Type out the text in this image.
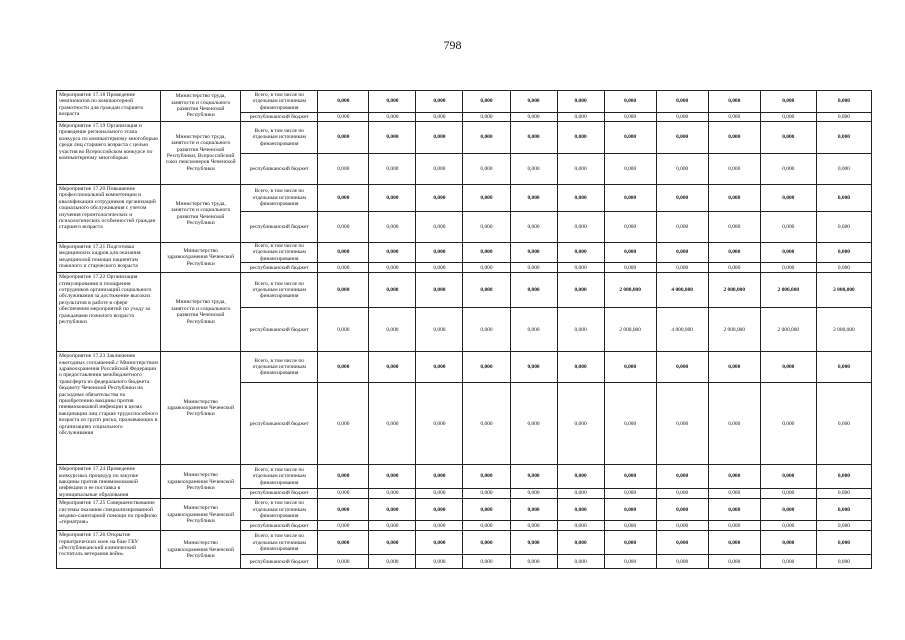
798
Мероприятие 17.18 Проведение чемпионатов по компьютерной грамотности для граждан старшего возраста	Министерство труда, занятости и социального развития Чеченской Республики	Всего, в том числе по отдельным источникам финансирования	0,000	0,000	0,000	0,000	0,000	0,000	0,000	0,000	0,000	0,000	0,000
		республиканский бюджет	0,000	0,000	0,000	0,000	0,000	0,000	0,000	0,000	0,000	0,000	0,000
Мероприятие 17.19 Организация и проведение регионального этапа конкурса по компьютерному многоборью среди лиц старшего возраста с целью участия во Всероссийском конкурсе по компьютерному многоборью	Министерство труда, занятости и социального развития Чеченской Республики, Всероссийский союз пенсионеров Чеченской Республики	Всего, в том числе по отдельным источникам финансирования	0,000	0,000	0,000	0,000	0,000	0,000	0,000	0,000	0,000	0,000	0,000
		республиканский бюджет	0,000	0,000	0,000	0,000	0,000	0,000	0,000	0,000	0,000	0,000	0,000
Мероприятие 17.20 Повышение профессиональной компетенции и квалификации сотрудников организаций социального обслуживания с учетом изучения геронтологических и психологических особенностей граждан старшего возраста	Министерство труда, занятости и социального развития Чеченской Республики	Всего, в том числе по отдельным источникам финансирования	0,000	0,000	0,000	0,000	0,000	0,000	0,000	0,000	0,000	0,000	0,000
		республиканский бюджет	0,000	0,000	0,000	0,000	0,000	0,000	0,000	0,000	0,000	0,000	0,000
Мероприятие 17.21 Подготовка медицинских кадров для оказания медицинской помощи пациентам пожилого и старческого возраста	Министерство здравоохранения Чеченской Республики	Всего, в том числе по отдельным источникам финансирования	0,000	0,000	0,000	0,000	0,000	0,000	0,000	0,000	0,000	0,000	0,000
		республиканский бюджет	0,000	0,000	0,000	0,000	0,000	0,000	0,000	0,000	0,000	0,000	0,000
Мероприятие 17.22 Организация стимулирования и поощрения сотрудников организаций социального обслуживания за достижение высоких результатов в работе в сфере обеспечения мероприятий по уходу за гражданами пожилого возраста республики	Министерство труда, занятости и социального развития Чеченской Республики	Всего, в том числе по отдельным источникам финансирования	0,000	0,000	0,000	0,000	0,000	0,000	2 000,000	4 000,000	2 000,000	2 000,000	2 000,000
		республиканский бюджет	0,000	0,000	0,000	0,000	0,000	0,000	2 000,000	4 000,000	2 000,000	2 000,000	2 000,000
Мероприятие 17.23 Заключение ежегодных соглашений с Министерством здравоохранения Российской Федерации о предоставлении межбюджетного трансферта из федерального бюджета бюджету Чеченской Республики на расходные обязательства по приобретению вакцины против пневмококковой инфекции в целях вакцинации лиц старше трудоспособного возраста из групп риска, проживающих в организациях социального обслуживания	Министерство здравоохранения Чеченской Республики	Всего, в том числе по отдельным источникам финансирования	0,000	0,000	0,000	0,000	0,000	0,000	0,000	0,000	0,000	0,000	0,000
		республиканский бюджет	0,000	0,000	0,000	0,000	0,000	0,000	0,000	0,000	0,000	0,000	0,000
Мероприятие 17.24 Проведение конкурсных процедур по закупке вакцины против пневмококковой инфекции и ее поставка в муниципальные образования	Министерство здравоохранения Чеченской Республики	Всего, в том числе по отдельным источникам финансирования	0,000	0,000	0,000	0,000	0,000	0,000	0,000	0,000	0,000	0,000	0,000
		республиканский бюджет	0,000	0,000	0,000	0,000	0,000	0,000	0,000	0,000	0,000	0,000	0,000
Мероприятие 17.25 Совершенствование системы оказания специализированной медико-санитарной помощи по профилю «гериатрия»	Министерство здравоохранения Чеченской Республики	Всего, в том числе по отдельным источникам финансирования	0,000	0,000	0,000	0,000	0,000	0,000	0,000	0,000	0,000	0,000	0,000
		республиканский бюджет	0,000	0,000	0,000	0,000	0,000	0,000	0,000	0,000	0,000	0,000	0,000
Мероприятие 17.26 Открытие гериатрических коек на базе ГБУ «Республиканский клинический госпиталь ветеранов войн»	Министерство здравоохранения Чеченской Республики	Всего, в том числе по отдельным источникам финансирования	0,000	0,000	0,000	0,000	0,000	0,000	0,000	0,000	0,000	0,000	0,000
		республиканский бюджет	0,000	0,000	0,000	0,000	0,000	0,000	0,000	0,000	0,000	0,000	0,000
